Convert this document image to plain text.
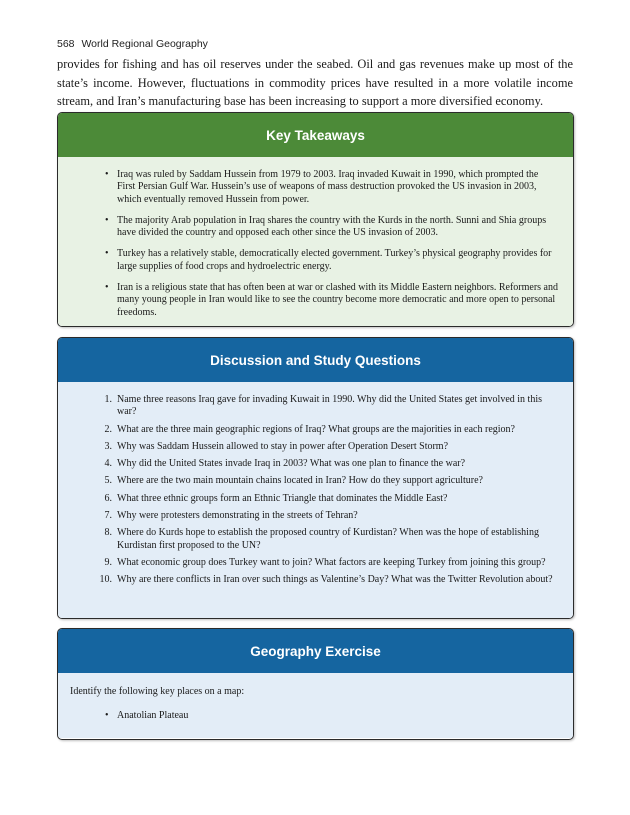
568 World Regional Geography

provides for fishing and has oil reserves under the seabed. Oil and gas revenues make up most of the state’s income. However, fluctuations in commodity prices have resulted in a more volatile income stream, and Iran’s manufacturing base has been increasing to support a more diversified economy.

Key Takeaways
• Iraq was ruled by Saddam Hussein from 1979 to 2003. Iraq invaded Kuwait in 1990, which prompted the First Persian Gulf War. Hussein’s use of weapons of mass destruction provoked the US invasion in 2003, which eventually removed Hussein from power.
• The majority Arab population in Iraq shares the country with the Kurds in the north. Sunni and Shia groups have divided the country and opposed each other since the US invasion of 2003.
• Turkey has a relatively stable, democratically elected government. Turkey’s physical geography provides for large supplies of food crops and hydroelectric energy.
• Iran is a religious state that has often been at war or clashed with its Middle Eastern neighbors. Reformers and many young people in Iran would like to see the country become more democratic and more open to personal freedoms.
Discussion and Study Questions
1. Name three reasons Iraq gave for invading Kuwait in 1990. Why did the United States get involved in this war?
2. What are the three main geographic regions of Iraq? What groups are the majorities in each region?
3. Why was Saddam Hussein allowed to stay in power after Operation Desert Storm?
4. Why did the United States invade Iraq in 2003? What was one plan to finance the war?
5. Where are the two main mountain chains located in Iran? How do they support agriculture?
6. What three ethnic groups form an Ethnic Triangle that dominates the Middle East?
7. Why were protesters demonstrating in the streets of Tehran?
8. Where do Kurds hope to establish the proposed country of Kurdistan? When was the hope of establishing Kurdistan first proposed to the UN?
9. What economic group does Turkey want to join? What factors are keeping Turkey from joining this group?
10. Why are there conflicts in Iran over such things as Valentine’s Day? What was the Twitter Revolution about?
Geography Exercise
Identify the following key places on a map:
• Anatolian Plateau
